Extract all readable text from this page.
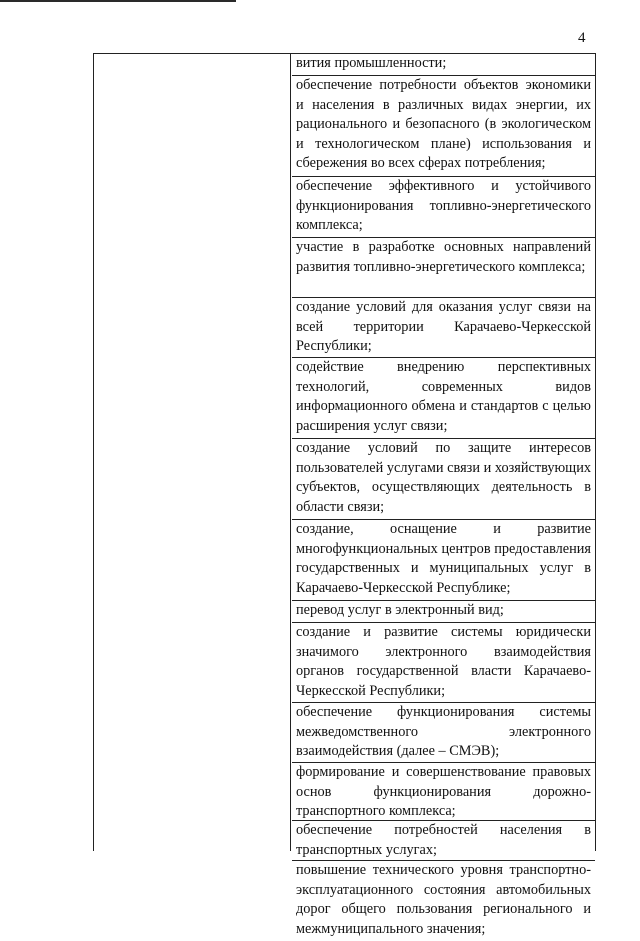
4
вития промышленности;
обеспечение потребности объектов экономики и населения в различных видах энергии, их рационального и безопасного (в экологическом и технологическом плане) использования и сбережения во всех сферах потребления;
обеспечение эффективного и устойчивого функционирования топливно-энергетического комплекса;
участие в разработке основных направлений развития топливно-энергетического комплекса;
создание условий для оказания услуг связи на всей территории Карачаево-Черкесской Республики;
содействие внедрению перспективных технологий, современных видов информационного обмена и стандартов с целью расширения услуг связи;
создание условий по защите интересов пользователей услугами связи и хозяйствующих субъектов, осуществляющих деятельность в области связи;
создание, оснащение и развитие многофункциональных центров предоставления государственных и муниципальных услуг в Карачаево-Черкесской Республике;
перевод услуг в электронный вид;
создание и развитие системы юридически значимого электронного взаимодействия органов государственной власти Карачаево-Черкесской Республики;
обеспечение функционирования системы межведомственного электронного взаимодействия (далее – СМЭВ);
формирование и совершенствование правовых основ функционирования дорожно-транспортного комплекса;
обеспечение потребностей населения в транспортных услугах;
повышение технического уровня транспортно-эксплуатационного состояния автомобильных дорог общего пользования регионального и межмуниципального значения;
